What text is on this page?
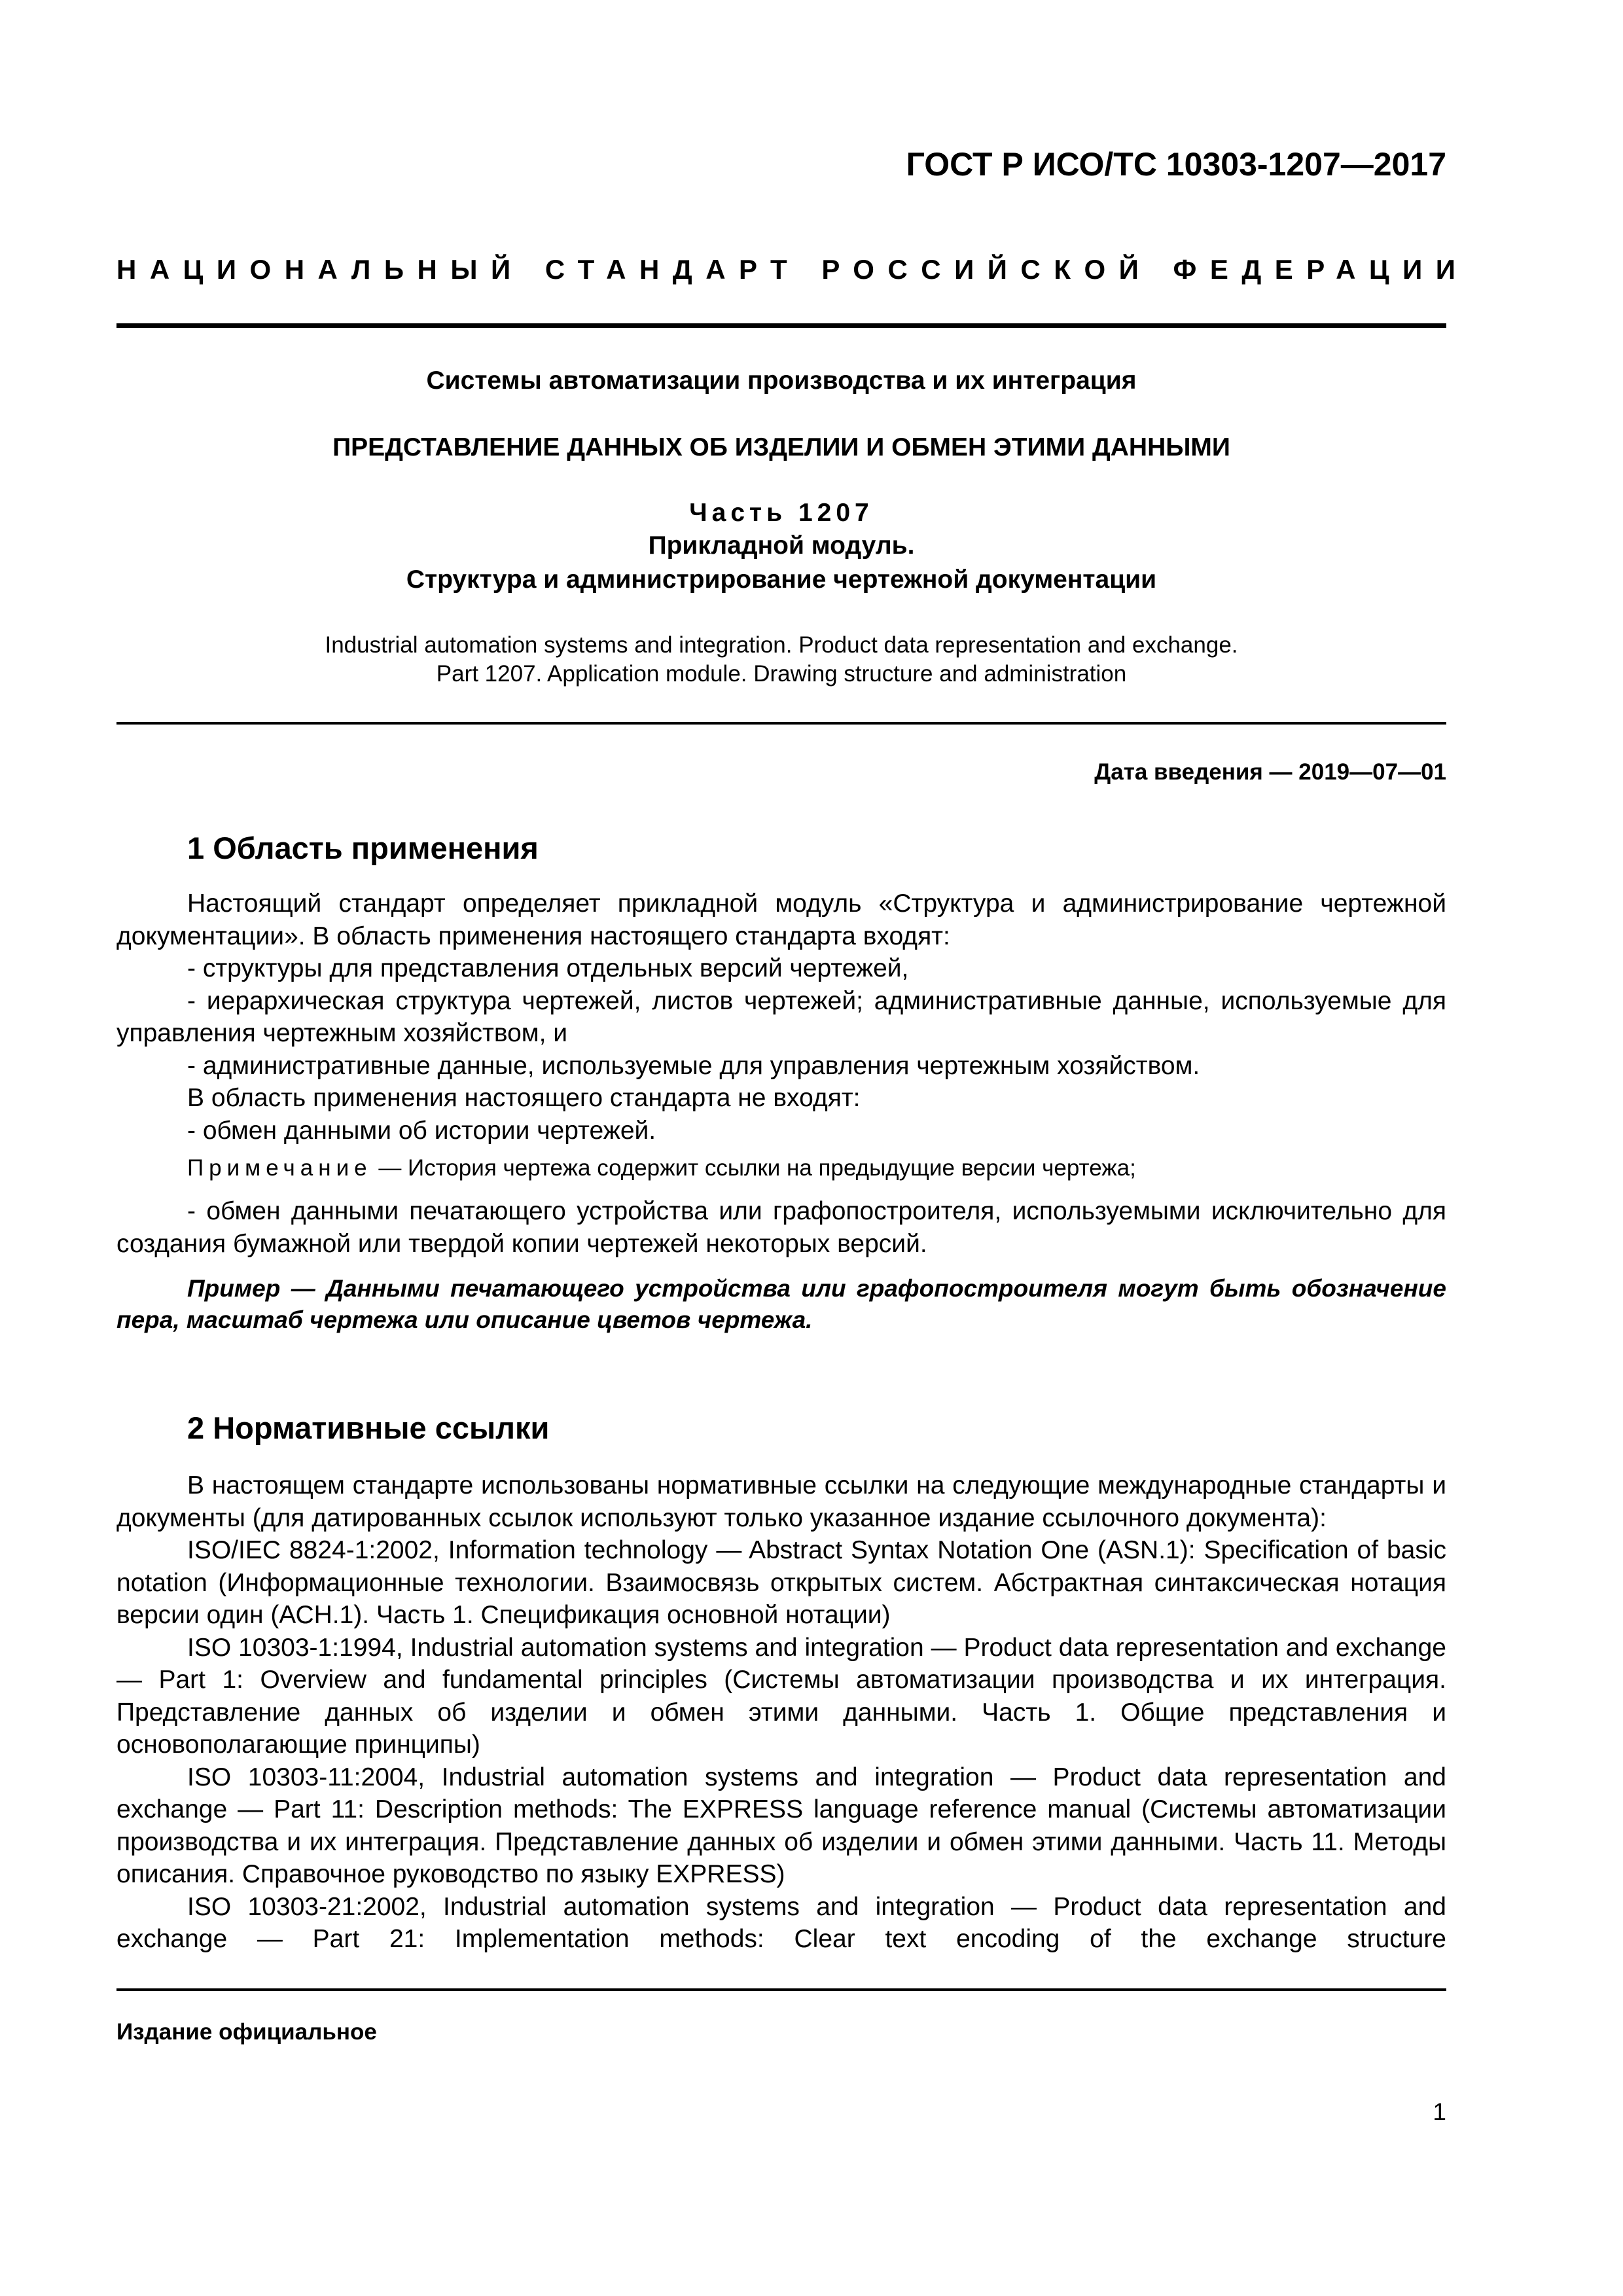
ГОСТ Р ИСО/ТС 10303-1207—2017
НАЦИОНАЛЬНЫЙ СТАНДАРТ РОССИЙСКОЙ ФЕДЕРАЦИИ
Системы автоматизации производства и их интеграция
ПРЕДСТАВЛЕНИЕ ДАННЫХ ОБ ИЗДЕЛИИ И ОБМЕН ЭТИМИ ДАННЫМИ
Часть 1207
Прикладной модуль.
Структура и администрирование чертежной документации
Industrial automation systems and integration. Product data representation and exchange.
Part 1207. Application module. Drawing structure and administration
Дата введения — 2019—07—01
1 Область применения

Настоящий стандарт определяет прикладной модуль «Структура и администрирование чертежной документации». В область применения настоящего стандарта входят:

- структуры для представления отдельных версий чертежей,

- иерархическая структура чертежей, листов чертежей; административные данные, используемые для управления чертежным хозяйством, и

- административные данные, используемые для управления чертежным хозяйством.

В область применения настоящего стандарта не входят:

- обмен данными об истории чертежей.

Примечание — История чертежа содержит ссылки на предыдущие версии чертежа;

- обмен данными печатающего устройства или графопостроителя, используемыми исключительно для создания бумажной или твердой копии чертежей некоторых версий.

Пример — Данными печатающего устройства или графопостроителя могут быть обозначение пера, масштаб чертежа или описание цветов чертежа.
2 Нормативные ссылки

В настоящем стандарте использованы нормативные ссылки на следующие международные стандарты и документы (для датированных ссылок используют только указанное издание ссылочного документа):

ISO/IEC 8824-1:2002, Information technology — Abstract Syntax Notation One (ASN.1): Specification of basic notation (Информационные технологии. Взаимосвязь открытых систем. Абстрактная синтаксическая нотация версии один (АСН.1). Часть 1. Спецификация основной нотации)

ISO 10303-1:1994, Industrial automation systems and integration — Product data representation and exchange — Part 1: Overview and fundamental principles (Системы автоматизации производства и их интеграция. Представление данных об изделии и обмен этими данными. Часть 1. Общие представления и основополагающие принципы)

ISO 10303-11:2004, Industrial automation systems and integration — Product data representation and exchange — Part 11: Description methods: The EXPRESS language reference manual (Системы автоматизации производства и их интеграция. Представление данных об изделии и обмен этими данными. Часть 11. Методы описания. Справочное руководство по языку EXPRESS)

ISO 10303-21:2002, Industrial automation systems and integration — Product data representation and exchange — Part 21: Implementation methods: Clear text encoding of the exchange structure

Издание официальное
1
